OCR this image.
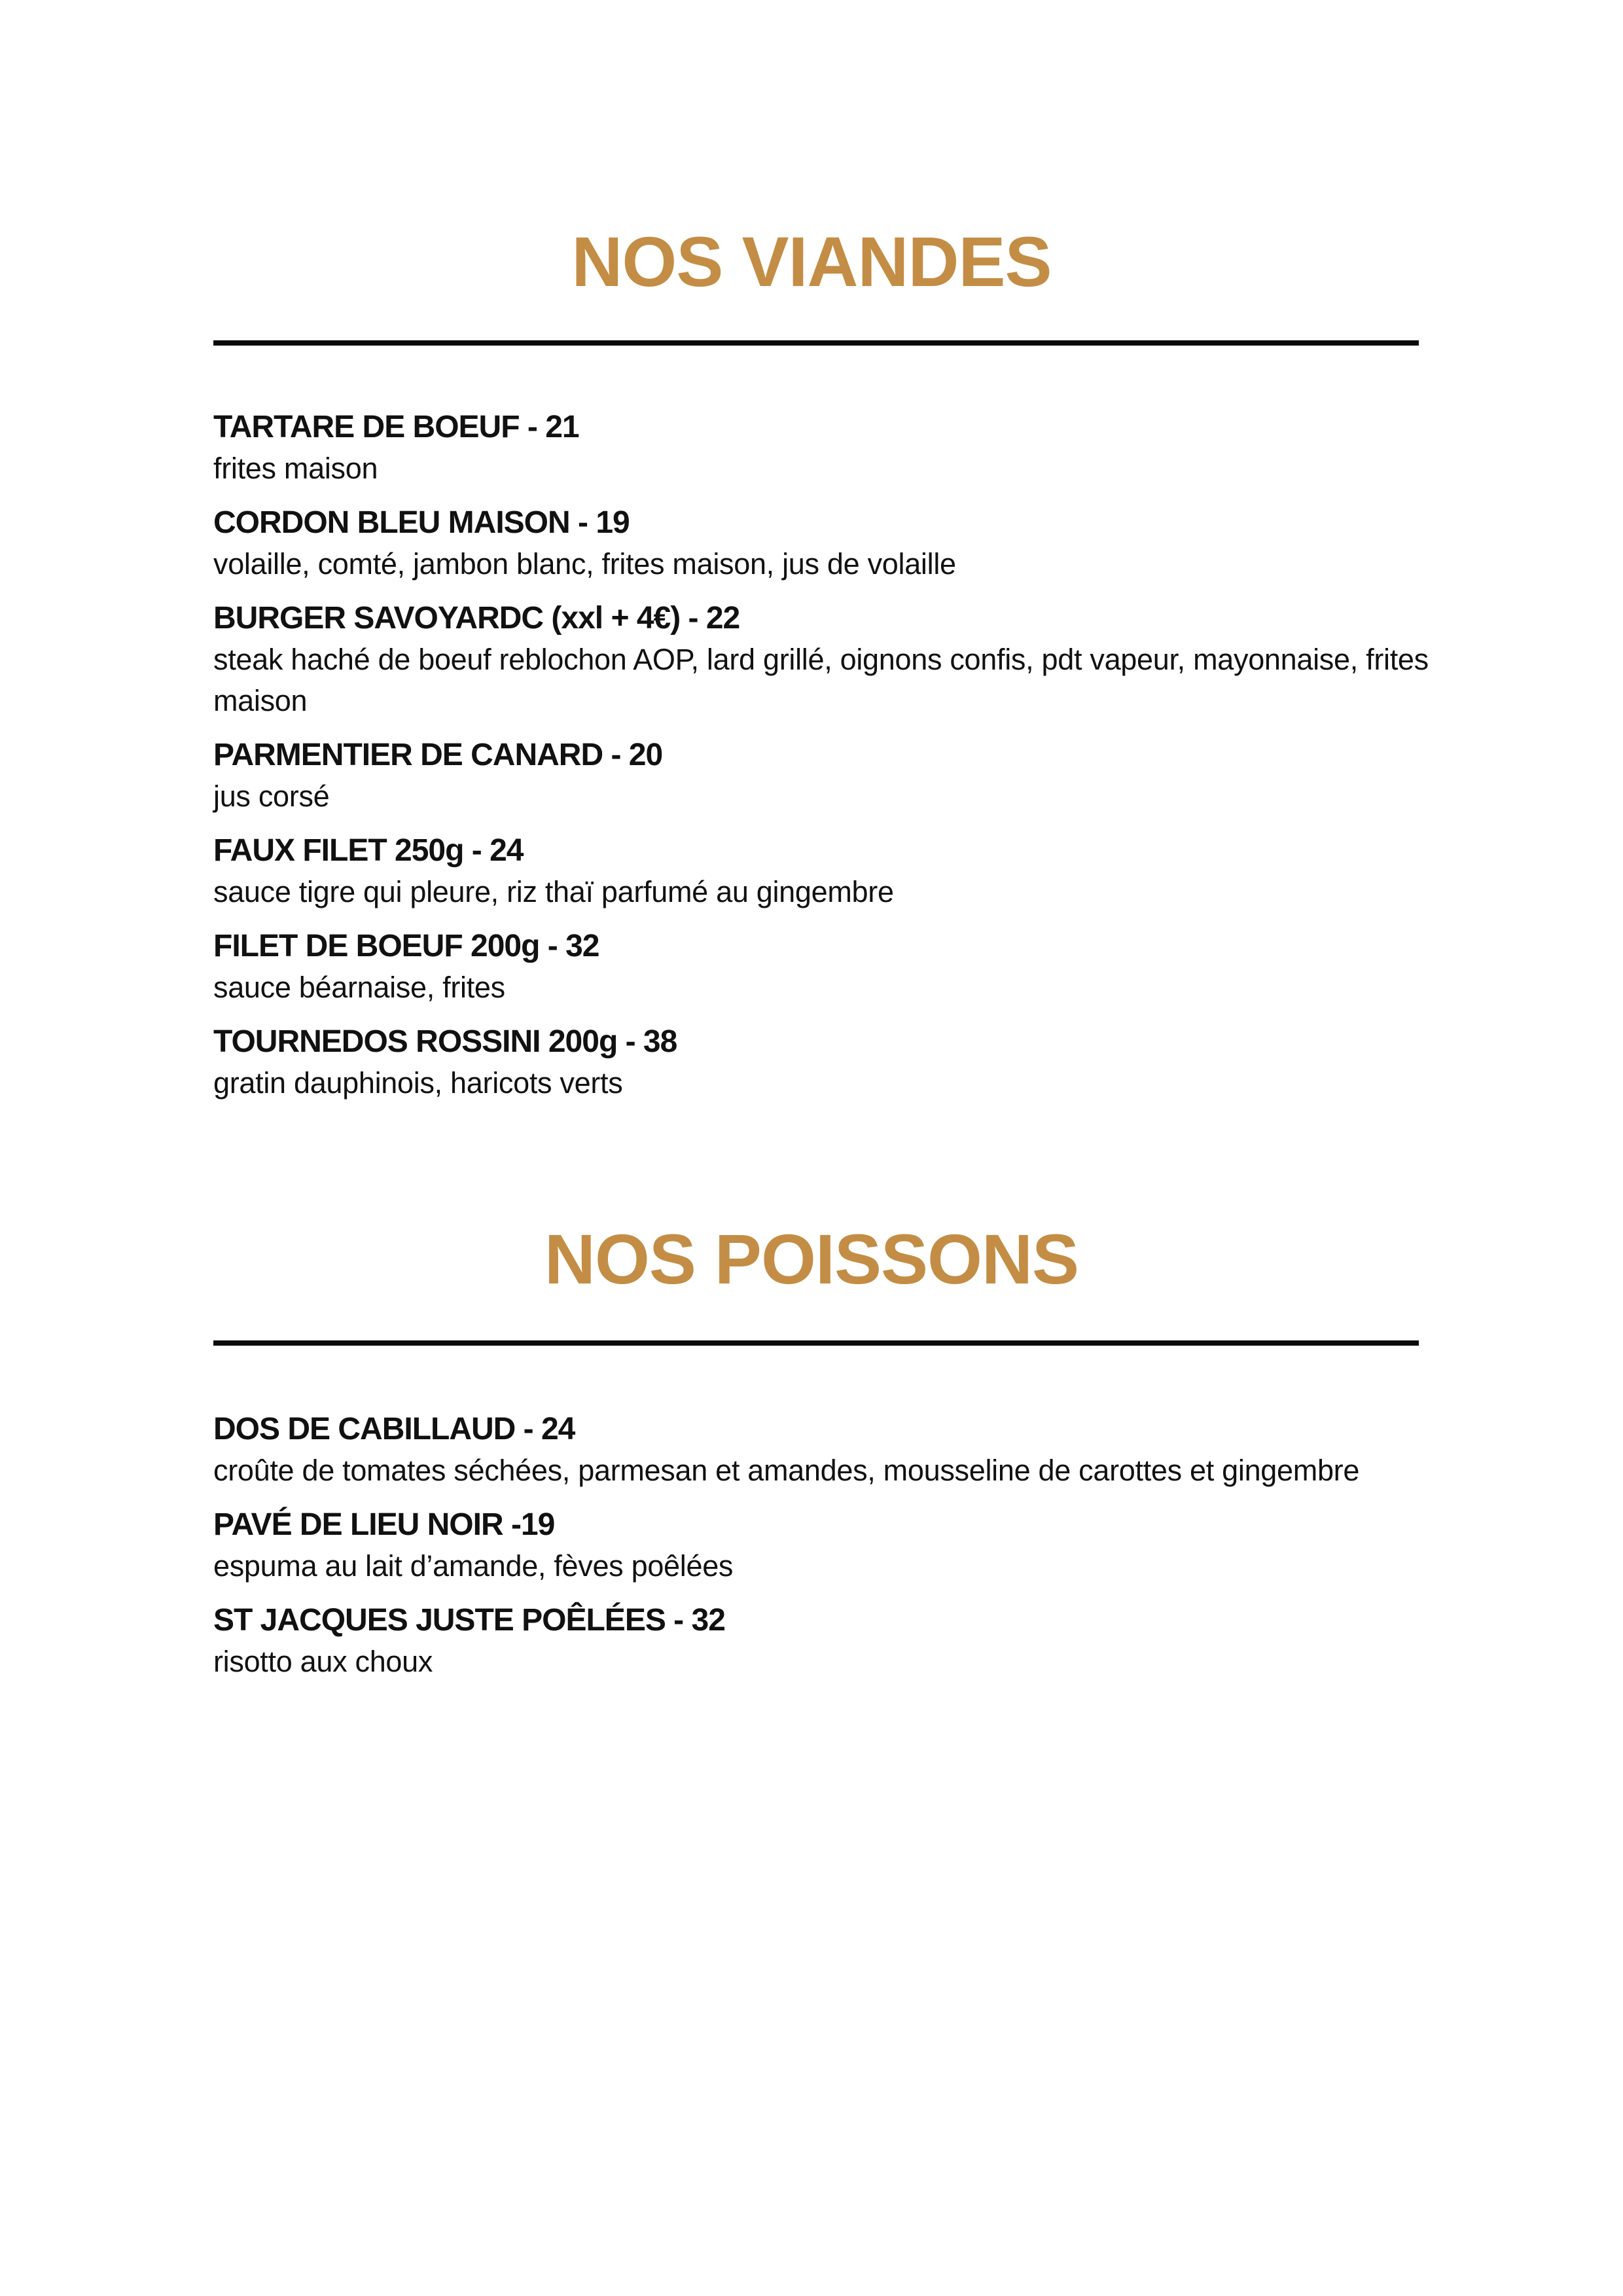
NOS VIANDES
TARTARE DE BOEUF - 21
frites maison
CORDON BLEU MAISON - 19
volaille, comté, jambon blanc, frites maison, jus de volaille
BURGER SAVOYARDC (xxl + 4€) - 22
steak haché de boeuf reblochon AOP, lard grillé, oignons confis, pdt vapeur, mayonnaise, frites maison
PARMENTIER DE CANARD - 20
jus corsé
FAUX FILET 250g - 24
sauce tigre qui pleure, riz thaï parfumé au gingembre
FILET DE BOEUF 200g - 32
sauce béarnaise, frites
TOURNEDOS ROSSINI 200g - 38
gratin dauphinois, haricots verts
NOS POISSONS
DOS DE CABILLAUD - 24
croûte de tomates séchées, parmesan et amandes, mousseline de carottes et gingembre
PAVÉ DE LIEU NOIR -19
espuma au lait d’amande, fèves poêlées
ST JACQUES JUSTE POÊLÉES - 32
risotto aux choux
